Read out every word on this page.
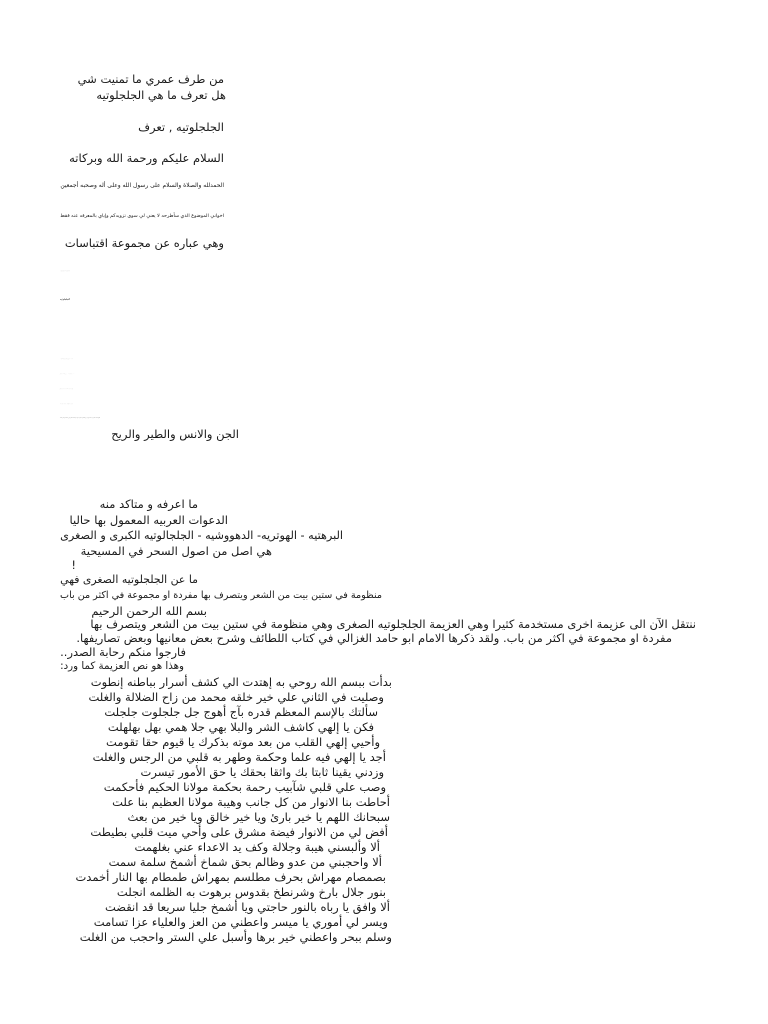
من طرف عمري ما تمنيت شي
هل تعرف ما هي الجلجلوتيه
الجلجلوتيه , تعرف
السلام عليكم ورحمة الله وبركاته
الحمدلله والصلاة والسلام على رسول الله وعلى أله وصحبه أجمعين
اخواني الموضوع الذي سأطرحه لا يعني لي سوى تزويدكم وإياي بالمعرفه عنه فقط
وهي عباره عن مجموعة اقتباسات
الجلجلوتيه
الجن والانس والطير والريح
ما اعرفه و متاكد منه
الدعوات العربيه المعمول بها حاليا
البرهتيه - الهوتريه- الدهووشيه - الجلجالوتيه الكبرى و الصغرى
هي اصل من اصول السحر في المسيحية
!
ما عن الجلجلوتيه الصغرى فهي
منظومة في ستين بيت من الشعر ويتصرف بها مفردة او مجموعة في اكثر من باب
بسم الله الرحمن الرحيم
ننتقل الآن الى عزيمة اخرى مستخدمة كثيرا وهي العزيمة الجلجلوتيه الصغرى وهي منظومة في ستين بيت من الشعر ويتصرف بها
مفردة او مجموعة في اكثر من باب. ولقد ذكرها الامام ابو حامد الغزالي في كتاب اللطائف وشرح بعض معانيها وبعض تصاريفها.
فارجوا منكم رحابة الصدر..
وهذا هو نص العزيمة كما ورد:
بدأت ببسم الله روحي به إهتدت الي كشف أسرار بباطنه إنطوت
وصليت في الثاني علي خير خلقه محمد من زاح الضلالة والغلت
سألتك بالإسم المعظم قدره بآج أهوج جل جلجلوت جلجلت
فكن يا إلهي كاشف الشر والبلا بهي جلا همي بهل بهلهلت
وأحيي إلهي القلب من بعد موته بذكرك يا قيوم حقا تقومت
أجد يا إلهي فيه علما وحكمة وطهر به قلبي من الرجس والغلت
وزدني يقينا ثابتا بك واثقا بحقك يا حق الأمور تيسرت
وصب علي قلبي شآبيب رحمة بحكمة مولانا الحكيم فأحكمت
أحاطت بنا الانوار من كل جانب وهيبة مولانا العظيم بنا علت
سبحانك اللهم يا خير بارئ ويا خير خالق ويا خير من بعث
أفض لي من الانوار فيضة مشرق على وأحي ميت قلبي بطيطت
ألا وألبسني هيبة وجلالة وكف يد الاعداء عني بغلهمت
ألا واحجبني من عدو وظالم بحق شماخ أشمخ سلمة سمت
بصمصام مهراش بحرف مطلسم بمهراش طمطام بها النار أخمدت
بنور جلال بارخ وشرنطخ بقدوس برهوت به الظلمه انجلت
ألا وافق يا رباه بالنور حاجتي ويا أشمخ جليا سريعا قد انقضت
ويسر لي أموري يا ميسر واعطني من العز والعلياء عزا تسامت
وسلم ببحر واعطني خير برها وأسبل علي الستر واحجب من الغلت
